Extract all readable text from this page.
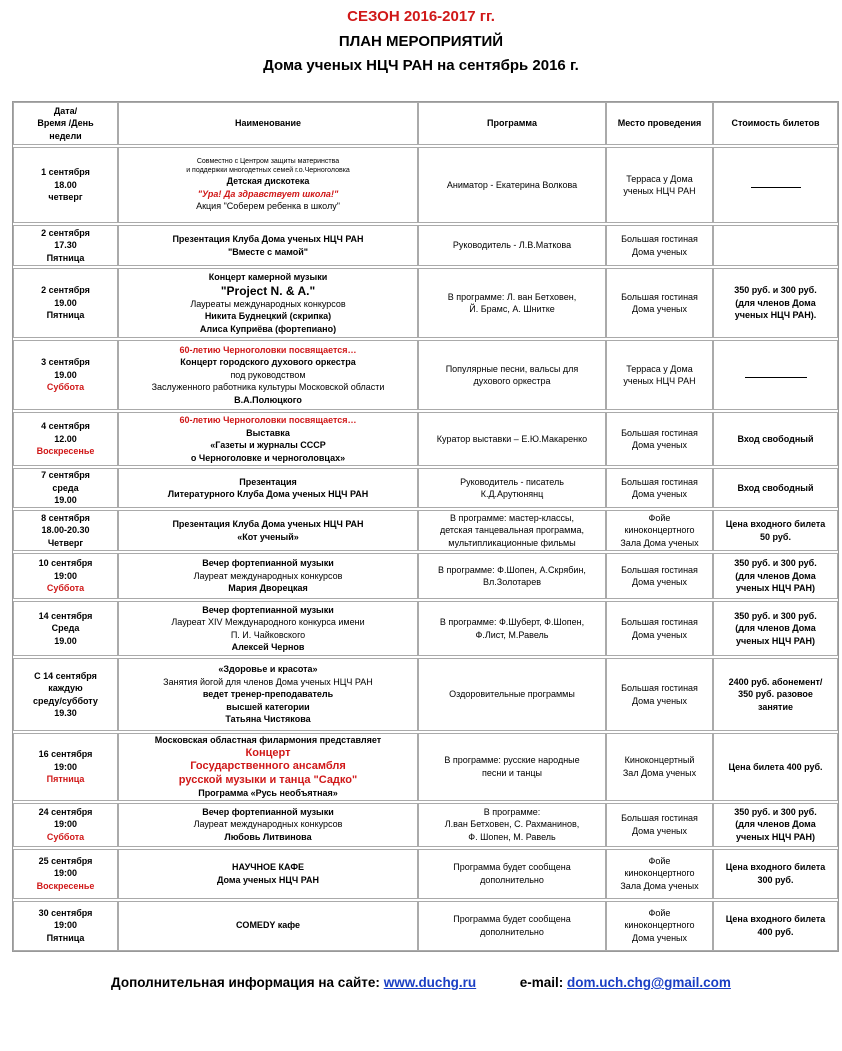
СЕЗОН 2016-2017 гг.
ПЛАН МЕРОПРИЯТИЙ
Дома ученых НЦЧ РАН на сентябрь 2016 г.
Дата/
Время /День
недели	Наименование	Программа	Место проведения	Стоимость билетов

1 сентября
18.00
четверг	Совместно с Центром защиты материнства
и поддержки многодетных семей г.о.Черноголовка
Детская дискотека
"Ура! Да здравствует школа!"
Акция "Соберем ребенка в школу"	Аниматор - Екатерина Волкова	Терраса у Дома
ученых НЦЧ РАН	

2 сентября
17.30
Пятница	Презентация Клуба Дома ученых НЦЧ РАН
"Вместе с мамой"	Руководитель - Л.В.Маткова	Большая гостиная
Дома ученых	

2 сентября
19.00
Пятница	Концерт камерной музыки
"Project N. & A."
Лауреаты международных конкурсов
Никита Буднецкий (скрипка)
Алиса Куприёва (фортепиано)	В программе: Л. ван Бетховен,
Й. Брамс, А. Шнитке	Большая гостиная
Дома ученых	350 руб. и 300 руб.
(для членов Дома
ученых НЦЧ РАН).

3 сентября
19.00
Суббота	60-летию Черноголовки посвящается…
Концерт городского духового оркестра
под руководством
Заслуженного работника культуры Московской области
В.А.Полюцкого	Популярные песни, вальсы для
духового оркестра	Терраса у Дома
ученых НЦЧ РАН	

4 сентября
12.00
Воскресенье	60-летию Черноголовки посвящается…
Выставка
«Газеты и журналы СССР
о Черноголовке и черноголовцах»	Куратор выставки – Е.Ю.Макаренко	Большая гостиная
Дома ученых	Вход свободный

7 сентября
среда
19.00	Презентация
Литературного Клуба Дома ученых НЦЧ РАН	Руководитель - писатель
К.Д.Арутюнянц	Большая гостиная
Дома ученых	Вход свободный

8 сентября
18.00-20.30
Четверг	Презентация Клуба Дома ученых НЦЧ РАН
«Кот ученый»	В программе: мастер-классы,
детская танцевальная программа,
мультипликационные фильмы	Фойе
киноконцертного
Зала Дома ученых	Цена входного билета
50 руб.

10 сентября
19:00
Суббота	Вечер фортепианной музыки
Лауреат международных конкурсов
Мария Дворецкая	В программе: Ф.Шопен, А.Скрябин,
Вл.Золотарев	Большая гостиная
Дома ученых	350 руб. и 300 руб.
(для членов Дома
ученых НЦЧ РАН)

14 сентября
Среда
19.00	Вечер фортепианной музыки
Лауреат XIV Международного конкурса имени
П. И. Чайковского
Алексей Чернов	В программе: Ф.Шуберт, Ф.Шопен,
Ф.Лист, М.Равель	Большая гостиная
Дома ученых	350 руб. и 300 руб.
(для членов Дома
ученых НЦЧ РАН)

С 14 сентября
каждую
среду/субботу
19.30	«Здоровье и красота»
Занятия йогой для членов Дома ученых НЦЧ РАН
ведет тренер-преподаватель
высшей категории
Татьяна Чистякова	Оздоровительные программы	Большая гостиная
Дома ученых	2400 руб. абонемент/
350 руб. разовое
занятие

16 сентября
19:00
Пятница	Московская областная филармония представляет
Концерт
Государственного ансамбля
русской музыки и танца "Садко"
Программа «Русь необъятная»	В программе: русские народные
песни и танцы	Киноконцертный
Зал Дома ученых	Цена билета 400 руб.

24 сентября
19:00
Суббота	Вечер фортепианной музыки
Лауреат международных конкурсов
Любовь Литвинова	В программе:
Л.ван Бетховен, С. Рахманинов,
Ф. Шопен, М. Равель	Большая гостиная
Дома ученых	350 руб. и 300 руб.
(для членов Дома
ученых НЦЧ РАН)

25 сентября
19:00
Воскресенье	НАУЧНОЕ КАФЕ
Дома ученых НЦЧ РАН	Программа будет сообщена
дополнительно	Фойе
киноконцертного
Зала Дома ученых	Цена входного билета
300 руб.

30 сентября
19:00
Пятница	COMEDY кафе	Программа будет сообщена
дополнительно	Фойе
киноконцертного
Дома ученых	Цена входного билета
400 руб.
Дополнительная информация на сайте: www.duchg.ru	e-mail: dom.uch.chg@gmail.com
